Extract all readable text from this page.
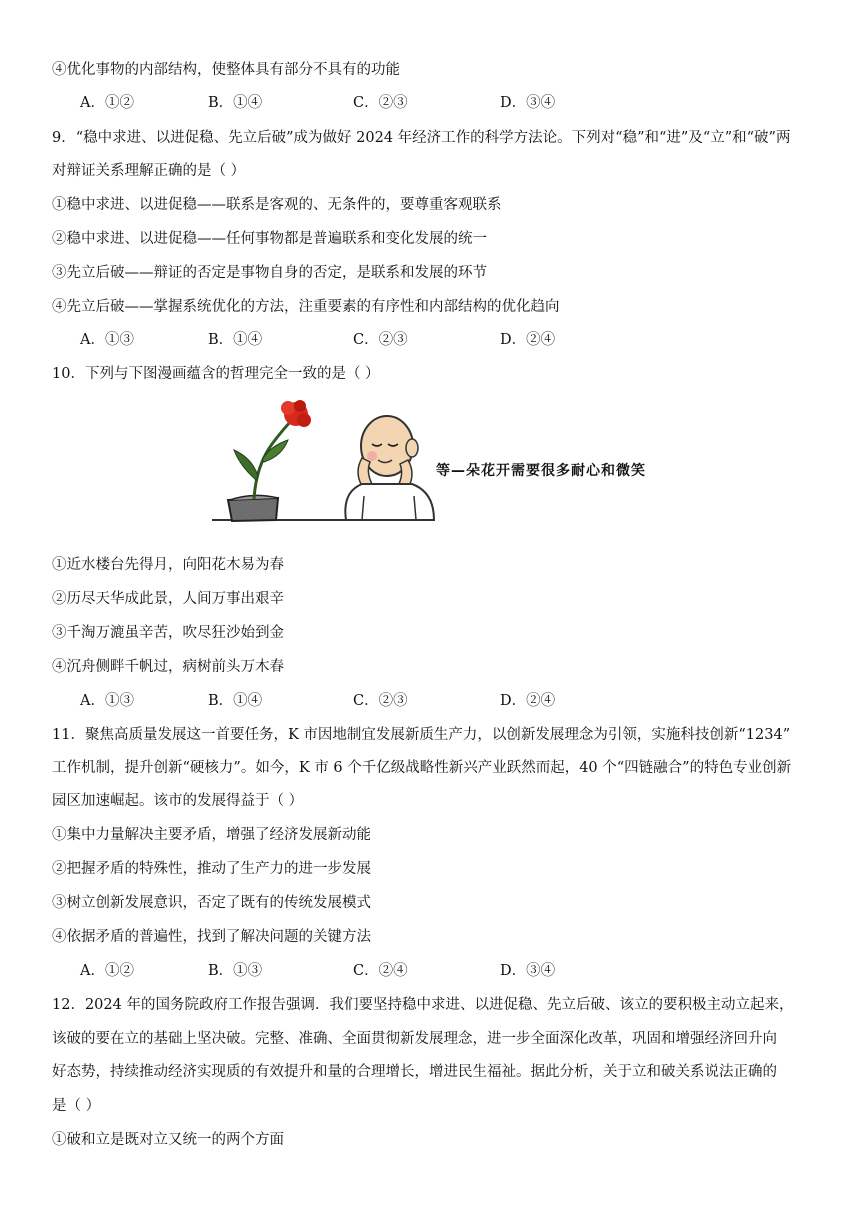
④优化事物的内部结构，使整体具有部分不具有的功能
A．①②	B．①④	C．②③	D．③④
9．“稳中求进、以进促稳、先立后破”成为做好 2024 年经济工作的科学方法论。下列对“稳”和“进”及“立”和“破”两
对辩证关系理解正确的是（ ）
①稳中求进、以进促稳——联系是客观的、无条件的，要尊重客观联系
②稳中求进、以进促稳——任何事物都是普遍联系和变化发展的统一
③先立后破——辩证的否定是事物自身的否定，是联系和发展的环节
④先立后破——掌握系统优化的方法，注重要素的有序性和内部结构的优化趋向
A．①③	B．①④	C．②③	D．②④
10．下列与下图漫画蕴含的哲理完全一致的是（ ）
等—朵花开需要很多耐心和微笑
①近水楼台先得月，向阳花木易为春
②历尽天华成此景，人间万事出艰辛
③千淘万漉虽辛苦，吹尽狂沙始到金
④沉舟侧畔千帆过，病树前头万木春
A．①③	B．①④	C．②③	D．②④
11．聚焦高质量发展这一首要任务，K 市因地制宜发展新质生产力，以创新发展理念为引领，实施科技创新“1234”
工作机制，提升创新“硬核力”。如今，K 市 6 个千亿级战略性新兴产业跃然而起，40 个“四链融合”的特色专业创新
园区加速崛起。该市的发展得益于（ ）
①集中力量解决主要矛盾，增强了经济发展新动能
②把握矛盾的特殊性，推动了生产力的进一步发展
③树立创新发展意识，否定了既有的传统发展模式
④依据矛盾的普遍性，找到了解决问题的关键方法
A．①②	B．①③	C．②④	D．③④
12．2024 年的国务院政府工作报告强调．我们要坚持稳中求进、以进促稳、先立后破、该立的要积极主动立起来，
该破的要在立的基础上坚决破。完整、准确、全面贯彻新发展理念，进一步全面深化改革，巩固和增强经济回升向
好态势，持续推动经济实现质的有效提升和量的合理增长，增进民生福祉。据此分析，关于立和破关系说法正确的
是（ ）
①破和立是既对立又统一的两个方面
